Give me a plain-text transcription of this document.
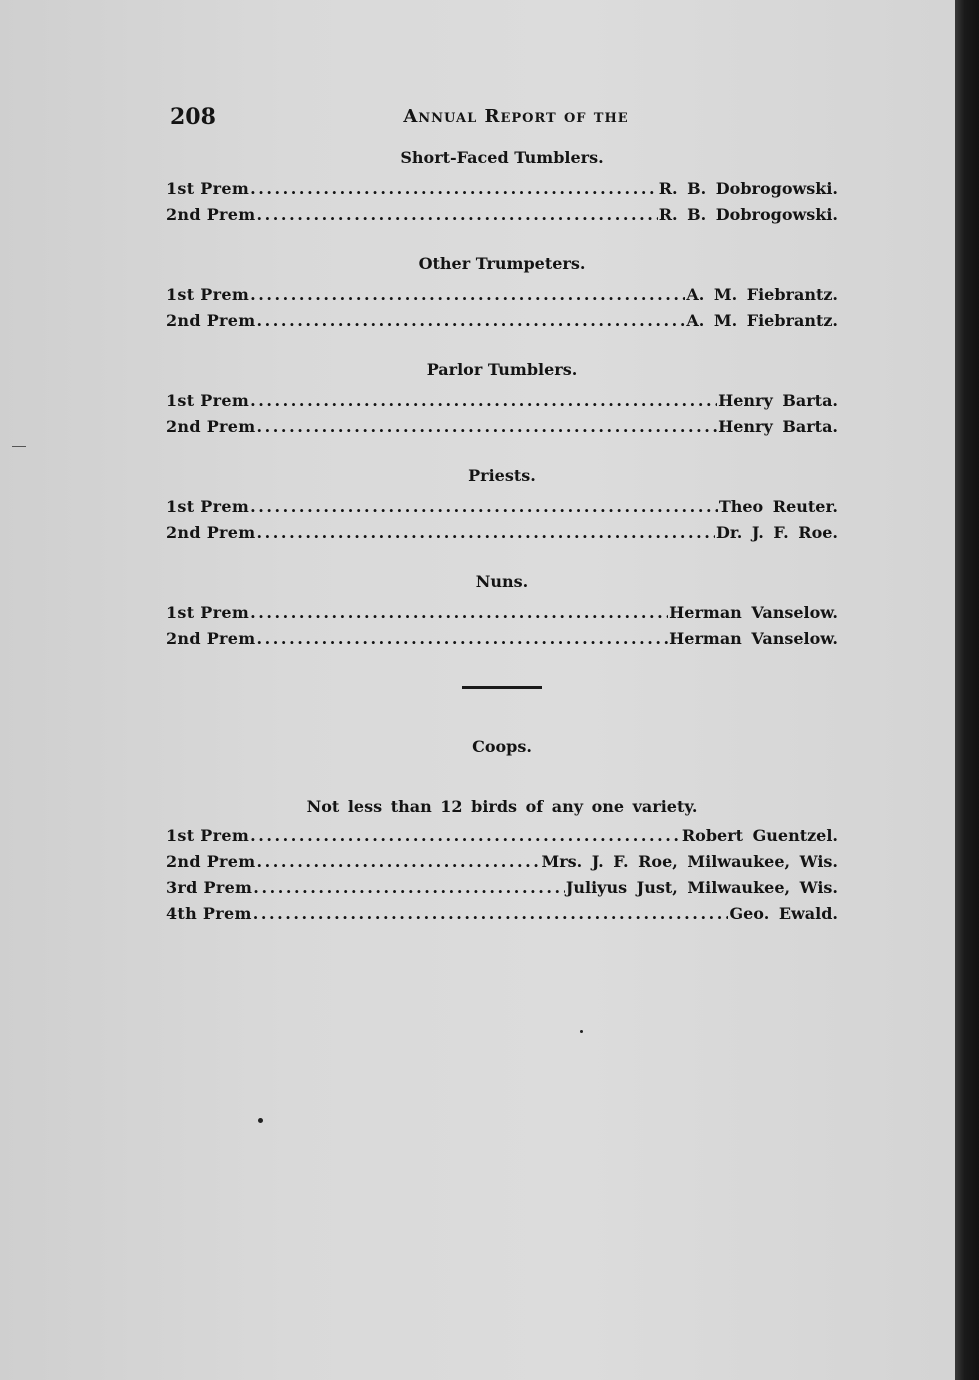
208	Annual Report of the
Short-Faced Tumblers.
1st Prem . . .	R. B. Dobrogowski.
2nd Prem . . .	R. B. Dobrogowski.
Other Trumpeters.
1st Prem . . .	A. M. Fiebrantz.
2nd Prem . . .	A. M. Fiebrantz.
Parlor Tumblers.
1st Prem . . .	Henry Barta.
2nd Prem . . .	Henry Barta.
Priests.
1st Prem . . .	Theo Reuter.
2nd Prem . . .	Dr. J. F. Roe.
Nuns.
1st Prem . . .	Herman Vanselow.
2nd Prem . . .	Herman Vanselow.
Coops.
Not less than 12 birds of any one variety.
1st Prem . . .	Robert Guentzel.
2nd Prem . . .	Mrs. J. F. Roe, Milwaukee, Wis.
3rd Prem . . .	Juliyus Just, Milwaukee, Wis.
4th Prem . . .	Geo. Ewald.
